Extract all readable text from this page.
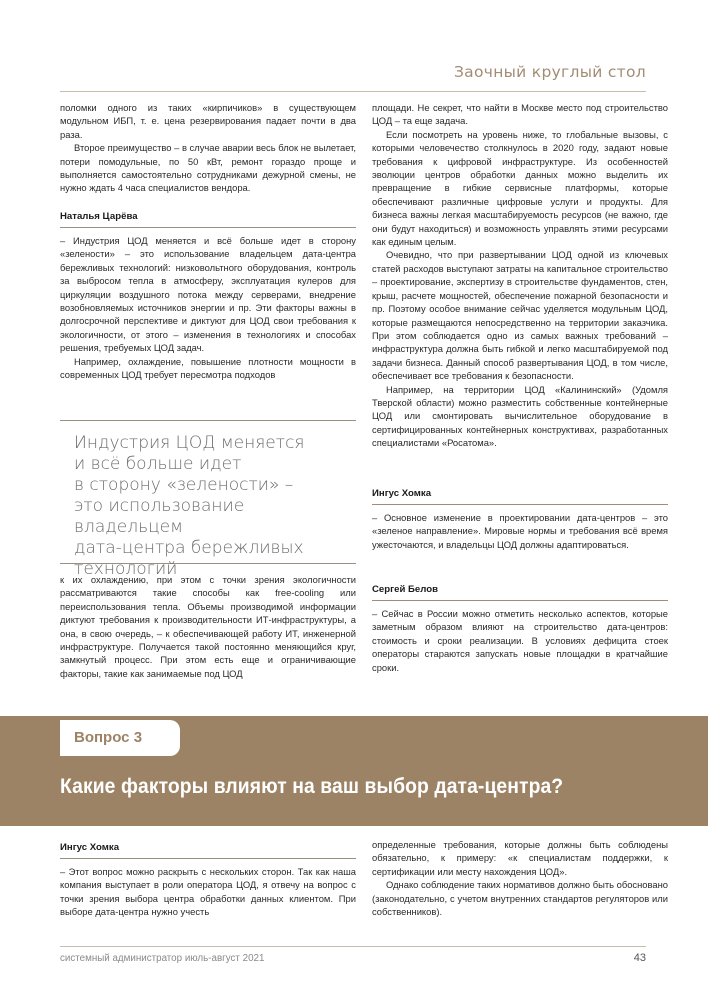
Заочный круглый стол

поломки одного из таких «кирпичиков» в существующем модульном ИБП, т. е. цена резервирования падает почти в два раза.

Второе преимущество – в случае аварии весь блок не вылетает, потери помодульные, по 50 кВт, ремонт гораздо проще и выполняется самостоятельно сотрудниками дежурной смены, не нужно ждать 4 часа специалистов вендора.

Наталья Царёва

– Индустрия ЦОД меняется и всё больше идет в сторону «зелености» – это использование владельцем дата-центра бережливых технологий: низковольтного оборудования, контроль за выбросом тепла в атмосферу, эксплуатация кулеров для циркуляции воздушного потока между серверами, внедрение возобновляемых источников энергии и пр. Эти факторы важны в долгосрочной перспективе и диктуют для ЦОД свои требования к экологичности, от этого – изменения в технологиях и способах решения, требуемых ЦОД задач.

Например, охлаждение, повышение плотности мощности в современных ЦОД требует пересмотра подходов

Индустрия ЦОД меняется
и всё больше идет
в сторону «зелености» –
это использование владельцем
дата-центра бережливых
технологий

к их охлаждению, при этом с точки зрения экологичности рассматриваются такие способы как free-cooling или переиспользования тепла. Объемы производимой информации диктуют требования к производительности ИТ-инфраструктуры, а она, в свою очередь, – к обеспечивающей работу ИТ, инженерной инфраструктуре. Получается такой постоянно меняющийся круг, замкнутый процесс. При этом есть еще и ограничивающие факторы, такие как занимаемые под ЦОД

площади. Не секрет, что найти в Москве место под строительство ЦОД – та еще задача.

Если посмотреть на уровень ниже, то глобальные вызовы, с которыми человечество столкнулось в 2020 году, задают новые требования к цифровой инфраструктуре. Из особенностей эволюции центров обработки данных можно выделить их превращение в гибкие сервисные платформы, которые обеспечивают различные цифровые услуги и продукты. Для бизнеса важны легкая масштабируемость ресурсов (не важно, где они будут находиться) и возможность управлять этими ресурсами как единым целым.

Очевидно, что при развертывании ЦОД одной из ключевых статей расходов выступают затраты на капитальное строительство – проектирование, экспертизу в строительстве фундаментов, стен, крыш, расчете мощностей, обеспечение пожарной безопасности и пр. Поэтому особое внимание сейчас уделяется модульным ЦОД, которые размещаются непосредственно на территории заказчика. При этом соблюдается одно из самых важных требований – инфраструктура должна быть гибкой и легко масштабируемой под задачи бизнеса. Данный способ развертывания ЦОД, в том числе, обеспечивает все требования к безопасности.

Например, на территории ЦОД «Калининский» (Удомля Тверской области) можно разместить собственные контейнерные ЦОД или смонтировать вычислительное оборудование в сертифицированных контейнерных конструктивах, разработанных специалистами «Росатома».

Ингус Хомка

– Основное изменение в проектировании дата-центров – это «зеленое направление». Мировые нормы и требования всё время ужесточаются, и владельцы ЦОД должны адаптироваться.

Сергей Белов

– Сейчас в России можно отметить несколько аспектов, которые заметным образом влияют на строительство дата-центров: стоимость и сроки реализации. В условиях дефицита стоек операторы стараются запускать новые площадки в кратчайшие сроки.

Вопрос 3
Какие факторы влияют на ваш выбор дата-центра?
Ингус Хомка

– Этот вопрос можно раскрыть с нескольких сторон. Так как наша компания выступает в роли оператора ЦОД, я отвечу на вопрос с точки зрения выбора центра обработки данных клиентом. При выборе дата-центра нужно учесть

определенные требования, которые должны быть соблюдены обязательно, к примеру: «к специалистам поддержки, к сертификации или месту нахождения ЦОД».

Однако соблюдение таких нормативов должно быть обосновано (законодательно, с учетом внутренних стандартов регуляторов или собственников).

системный администратор июль-август 2021	43
